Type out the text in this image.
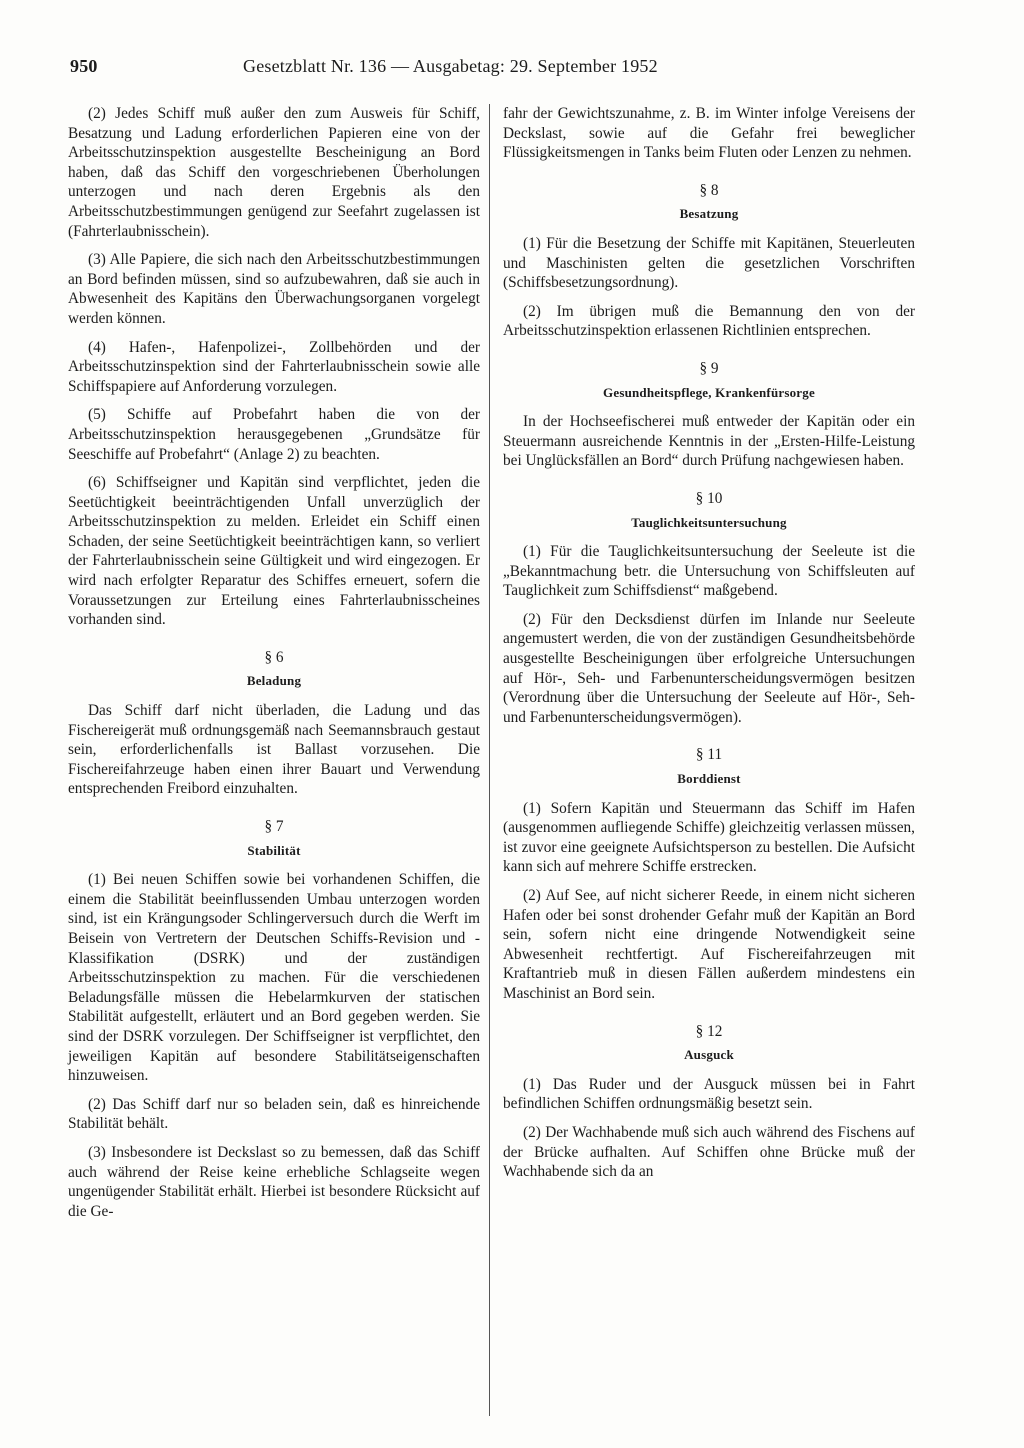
950	Gesetzblatt Nr. 136 — Ausgabetag: 29. September 1952

(2) Jedes Schiff muß außer den zum Ausweis für Schiff, Besatzung und Ladung erforderlichen Papieren eine von der Arbeitsschutzinspektion ausgestellte Bescheinigung an Bord haben, daß das Schiff den vorgeschriebenen Überholungen unterzogen und nach deren Ergebnis als den Arbeitsschutzbestimmungen genügend zur Seefahrt zugelassen ist (Fahrterlaubnisschein).

(3) Alle Papiere, die sich nach den Arbeitsschutzbestimmungen an Bord befinden müssen, sind so aufzubewahren, daß sie auch in Abwesenheit des Kapitäns den Überwachungsorganen vorgelegt werden können.

(4) Hafen-, Hafenpolizei-, Zollbehörden und der Arbeitsschutzinspektion sind der Fahrterlaubnisschein sowie alle Schiffspapiere auf Anforderung vorzulegen.

(5) Schiffe auf Probefahrt haben die von der Arbeitsschutzinspektion herausgegebenen „Grundsätze für Seeschiffe auf Probefahrt“ (Anlage 2) zu beachten.

(6) Schiffseigner und Kapitän sind verpflichtet, jeden die Seetüchtigkeit beeinträchtigenden Unfall unverzüglich der Arbeitsschutzinspektion zu melden. Erleidet ein Schiff einen Schaden, der seine Seetüchtigkeit beeinträchtigen kann, so verliert der Fahrterlaubnisschein seine Gültigkeit und wird eingezogen. Er wird nach erfolgter Reparatur des Schiffes erneuert, sofern die Voraussetzungen zur Erteilung eines Fahrterlaubnisscheines vorhanden sind.

§ 6
Beladung

Das Schiff darf nicht überladen, die Ladung und das Fischereigerät muß ordnungsgemäß nach Seemannsbrauch gestaut sein, erforderlichenfalls ist Ballast vorzusehen. Die Fischereifahrzeuge haben einen ihrer Bauart und Verwendung entsprechenden Freibord einzuhalten.

§ 7
Stabilität

(1) Bei neuen Schiffen sowie bei vorhandenen Schiffen, die einem die Stabilität beeinflussenden Umbau unterzogen worden sind, ist ein Krängungsoder Schlingerversuch durch die Werft im Beisein von Vertretern der Deutschen Schiffs-Revision und -Klassifikation (DSRK) und der zuständigen Arbeitsschutzinspektion zu machen. Für die verschiedenen Beladungsfälle müssen die Hebelarmkurven der statischen Stabilität aufgestellt, erläutert und an Bord gegeben werden. Sie sind der DSRK vorzulegen. Der Schiffseigner ist verpflichtet, den jeweiligen Kapitän auf besondere Stabilitätseigenschaften hinzuweisen.

(2) Das Schiff darf nur so beladen sein, daß es hinreichende Stabilität behält.

(3) Insbesondere ist Deckslast so zu bemessen, daß das Schiff auch während der Reise keine erhebliche Schlagseite wegen ungenügender Stabilität erhält. Hierbei ist besondere Rücksicht auf die Ge-

fahr der Gewichtszunahme, z. B. im Winter infolge Vereisens der Deckslast, sowie auf die Gefahr frei beweglicher Flüssigkeitsmengen in Tanks beim Fluten oder Lenzen zu nehmen.

§ 8
Besatzung

(1) Für die Besetzung der Schiffe mit Kapitänen, Steuerleuten und Maschinisten gelten die gesetzlichen Vorschriften (Schiffsbesetzungsordnung).

(2) Im übrigen muß die Bemannung den von der Arbeitsschutzinspektion erlassenen Richtlinien entsprechen.

§ 9
Gesundheitspflege, Krankenfürsorge

In der Hochseefischerei muß entweder der Kapitän oder ein Steuermann ausreichende Kenntnis in der „Ersten-Hilfe-Leistung bei Unglücksfällen an Bord“ durch Prüfung nachgewiesen haben.

§ 10
Tauglichkeitsuntersuchung

(1) Für die Tauglichkeitsuntersuchung der Seeleute ist die „Bekanntmachung betr. die Untersuchung von Schiffsleuten auf Tauglichkeit zum Schiffsdienst“ maßgebend.

(2) Für den Decksdienst dürfen im Inlande nur Seeleute angemustert werden, die von der zuständigen Gesundheitsbehörde ausgestellte Bescheinigungen über erfolgreiche Untersuchungen auf Hör-, Seh- und Farbenunterscheidungsvermögen besitzen (Verordnung über die Untersuchung der Seeleute auf Hör-, Seh- und Farbenunterscheidungsvermögen).

§ 11
Borddienst

(1) Sofern Kapitän und Steuermann das Schiff im Hafen (ausgenommen aufliegende Schiffe) gleichzeitig verlassen müssen, ist zuvor eine geeignete Aufsichtsperson zu bestellen. Die Aufsicht kann sich auf mehrere Schiffe erstrecken.

(2) Auf See, auf nicht sicherer Reede, in einem nicht sicheren Hafen oder bei sonst drohender Gefahr muß der Kapitän an Bord sein, sofern nicht eine dringende Notwendigkeit seine Abwesenheit rechtfertigt. Auf Fischereifahrzeugen mit Kraftantrieb muß in diesen Fällen außerdem mindestens ein Maschinist an Bord sein.

§ 12
Ausguck

(1) Das Ruder und der Ausguck müssen bei in Fahrt befindlichen Schiffen ordnungsmäßig besetzt sein.

(2) Der Wachhabende muß sich auch während des Fischens auf der Brücke aufhalten. Auf Schiffen ohne Brücke muß der Wachhabende sich da an
